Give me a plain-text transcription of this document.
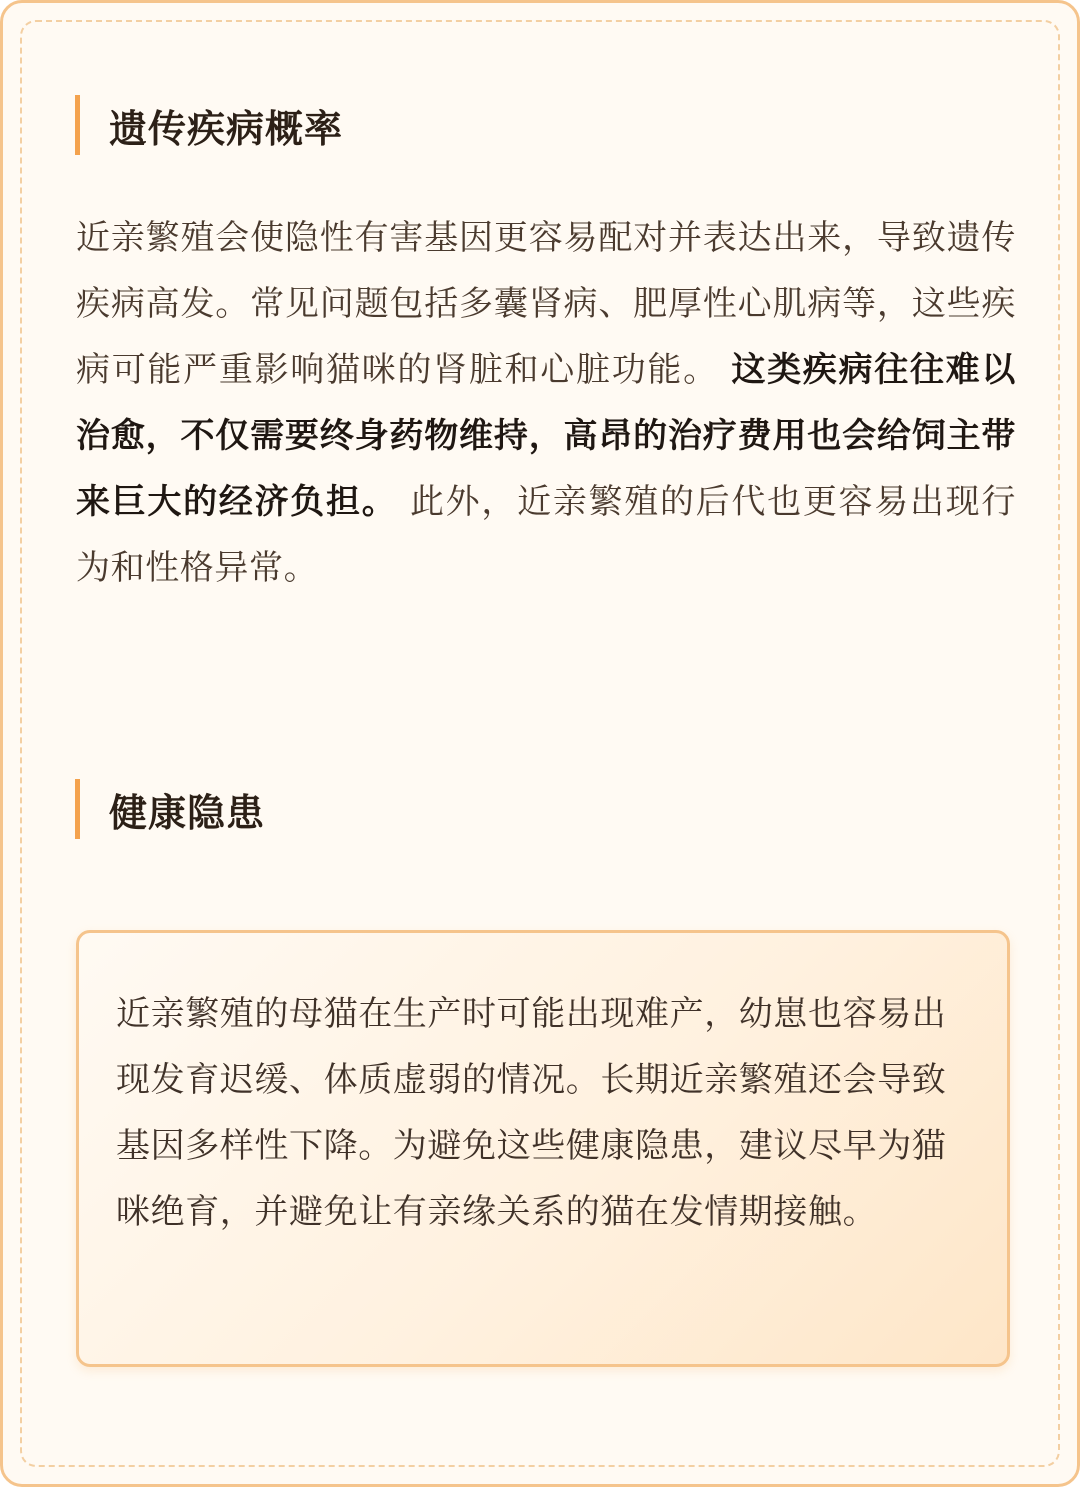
遗传疾病概率

近亲繁殖会使隐性有害基因更容易配对并表达出来，导致遗传疾病高发。常见问题包括多囊肾病、肥厚性心肌病等，这些疾病可能严重影响猫咪的肾脏和心脏功能。 这类疾病往往难以治愈，不仅需要终身药物维持，高昂的治疗费用也会给饲主带来巨大的经济负担。 此外，近亲繁殖的后代也更容易出现行为和性格异常。

健康隐患

近亲繁殖的母猫在生产时可能出现难产，幼崽也容易出现发育迟缓、体质虚弱的情况。长期近亲繁殖还会导致基因多样性下降。为避免这些健康隐患，建议尽早为猫咪绝育，并避免让有亲缘关系的猫在发情期接触。
